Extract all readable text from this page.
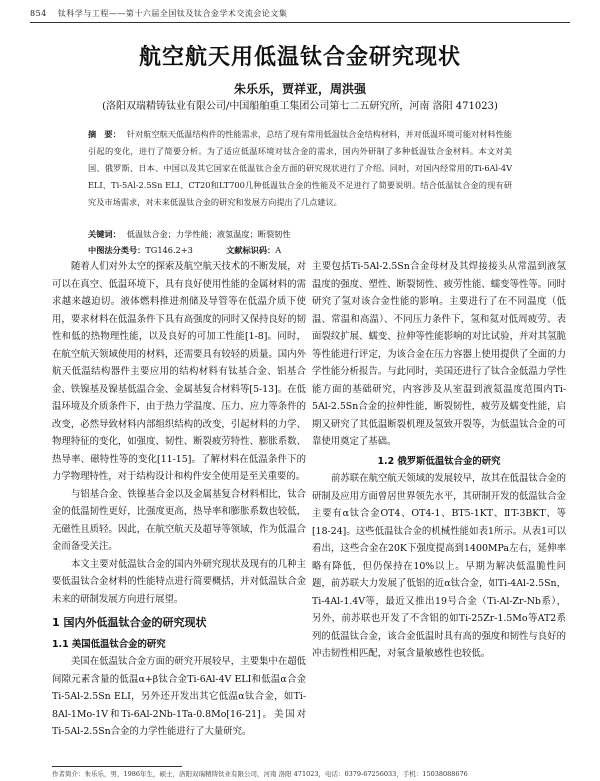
854 钛科学与工程——第十六届全国钛及钛合金学术交流会论文集
航空航天用低温钛合金研究现状
朱乐乐，贾祥亚，周洪强
(洛阳双瑞精铸钛业有限公司/中国船舶重工集团公司第七二五研究所，河南 洛阳 471023)
摘　要： 针对航空航天低温结构件的性能需求，总结了现有常用低温钛合金结构材料，并对低温环境可能对材料性能引起的变化，进行了简要分析。为了适应低温环境对钛合金的需求，国内外研制了多种低温钛合金材料。本文对美国、俄罗斯、日本、中国以及其它国家在低温钛合金方面的研究现状进行了介绍。同时，对国内经常用的Ti-6Al-4V ELI、Ti-5Al-2.5Sn ELI、CT20和LT700几种低温钛合金的性能及不足进行了简要说明。结合低温钛合金的现有研究及市场需求，对未来低温钛合金的研究和发展方向提出了几点建议。
关键词： 低温钛合金；力学性能；液氢温度；断裂韧性
中图法分类号：TG146.2+3	文献标识码：A

随着人们对外太空的探索及航空航天技术的不断发展，对可以在真空、低温环境下，具有良好使用性能的金属材料的需求越来越迫切。液体燃料推进剂储及导管等在低温介质下使用，要求材料在低温条件下具有高强度的同时又保持良好的韧性和低的热物理性能，以及良好的可加工性能[1-8]。同时，在航空航天领域使用的材料，还需要具有较轻的质量。国内外航天低温结构器件主要应用的结构材料有钛基合金、铝基合金、铁镍基及镍基低温合金、金属基复合材料等[5-13]。在低温环境及介质条件下，由于热力学温度、压力、应力等条件的改变，必然导致材料内部组织结构的改变，引起材料的力学、物理特征的变化，如强度、韧性、断裂疲劳特性、膨胀系数、热导率、磁特性等的变化[11-15]。了解材料在低温条件下的力学物理特性，对于结构设计和构件安全使用是至关重要的。

与铝基合金、铁镍基合金以及金属基复合材料相比，钛合金的低温韧性更好，比强度更高，热导率和膨胀系数也较低，无磁性且质轻。因此，在航空航天及超导等领域，作为低温合金而备受关注。

本文主要对低温钛合金的国内外研究现状及现有的几种主要低温钛合金材料的性能特点进行简要概括，并对低温钛合金未来的研制发展方向进行展望。

1 国内外低温钛合金的研究现状
1.1 美国低温钛合金的研究

美国在低温钛合金方面的研究开展较早，主要集中在超低间隙元素含量的低温α+β钛合金Ti-6Al-4V ELI和低温α合金Ti-5Al-2.5Sn ELI，另外还开发出其它低温α钛合金，如Ti-8Al-1Mo-1V和Ti-6Al-2Nb-1Ta-0.8Mo[16-21]。美国对Ti-5Al-2.5Sn合金的力学性能进行了大量研究。

主要包括Ti-5Al-2.5Sn合金母材及其焊接接头从常温到液氢温度的强度、塑性、断裂韧性、疲劳性能、蠕变等性等。同时研究了氢对该合金性能的影响。主要进行了在不同温度（低温、常温和高温）、不同压力条件下，氢和氦对低周疲劳、表面裂纹扩展、蠕变、拉伸等性能影响的对比试验，并对其氢脆等性能进行评定，为该合金在压力容器上使用提供了全面的力学性能分析报告。与此同时，美国还进行了钛合金低温力学性能方面的基础研究，内容涉及从室温到液氦温度范围内Ti-5Al-2.5Sn合金的拉伸性能，断裂韧性，疲劳及蠕变性能，启期又研究了其低温断裂机理及氢致开裂等，为低温钛合金的可靠使用奠定了基础。

1.2 俄罗斯低温钛合金的研究

前苏联在航空航天领域的发展较早，故其在低温钛合金的研制及应用方面曾居世界领先水平，其研制开发的低温钛合金主要有α钛合金OT4、OT4-1、BT5-1KT、ⅡT-3BKT、等[18-24]。这些低温钛合金的机械性能如表1所示。从表1可以看出，这些合金在20K下强度提高到1400MPa左右，延伸率略有降低，但仍保持在10%以上。早期为解决低温脆性问题，前苏联大力发展了低铝的近α钛合金，如Ti-4Al-2.5Sn，Ti-4Al-1.4V等，最近又推出19号合金（Ti-Al-Zr-Nb系），另外，前苏联也开发了不含铝的如Ti-25Zr-1.5Mo等AT2系列的低温钛合金，该合金低温时具有高的强度和韧性与良好的冲击韧性相匹配，对氧含量敏感性也较低。

作者简介：朱乐乐，男，1986年生，硕士，洛阳双瑞精铸钛业有限公司，河南 洛阳 471023，电话：0379-67256033，手机：15038088676
